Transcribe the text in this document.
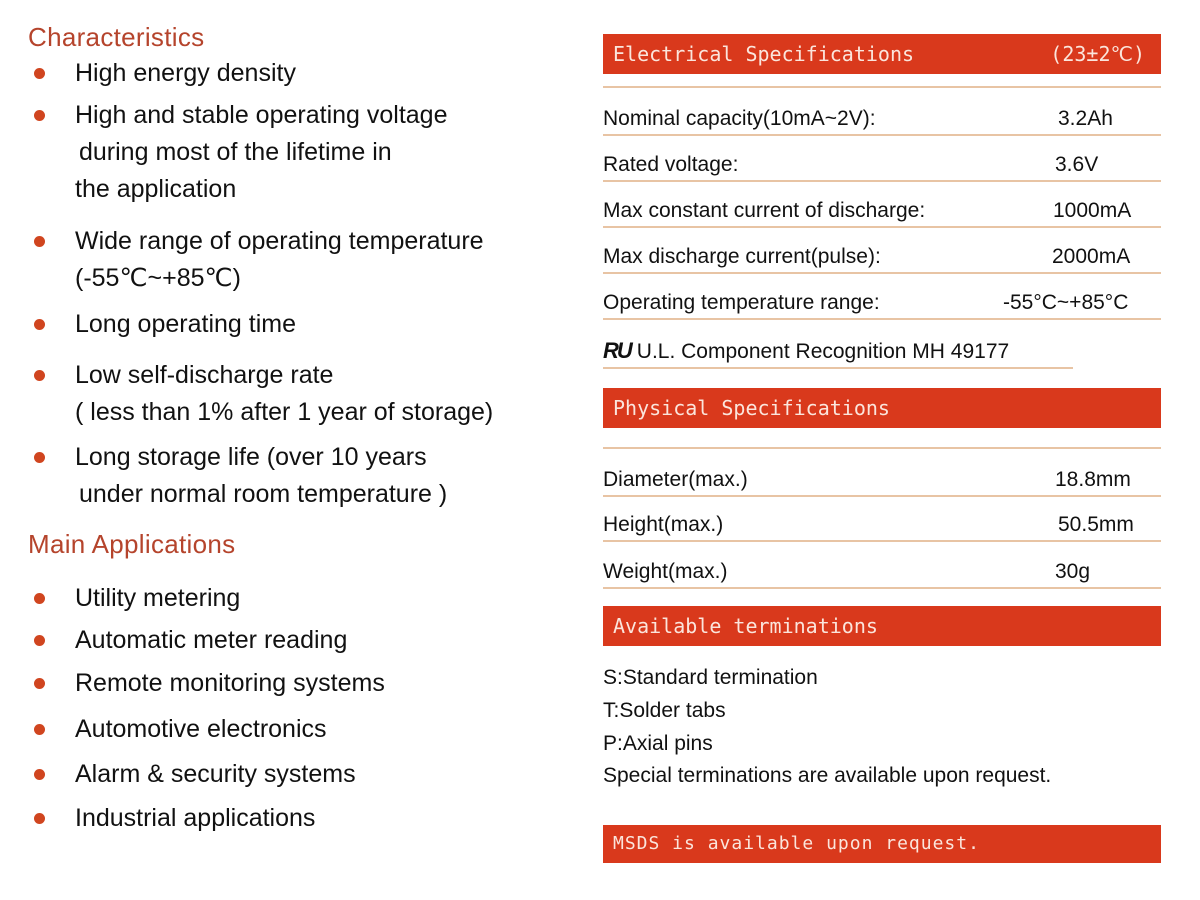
Characteristics
High energy density
High and stable operating voltage
during most of the lifetime in
the application
Wide range of operating temperature
(-55℃~+85℃)
Long operating time
Low self-discharge rate
( less than 1% after 1 year of storage)
Long storage life (over 10 years
under normal room temperature )
Main Applications
Utility metering
Automatic meter reading
Remote monitoring systems
Automotive electronics
Alarm & security systems
Industrial applications
Electrical Specifications	(23±2℃)
Nominal capacity(10mA~2V):	3.2Ah
Rated voltage:	3.6V
Max constant current of discharge:	1000mA
Max discharge current(pulse):	2000mA
Operating temperature range:	-55°C~+85°C
RU U.L. Component Recognition MH 49177
Physical Specifications
Diameter(max.)	18.8mm
Height(max.)	50.5mm
Weight(max.)	30g
Available terminations
S:Standard termination
T:Solder tabs
P:Axial pins
Special terminations are available upon request.
MSDS is available upon request.
